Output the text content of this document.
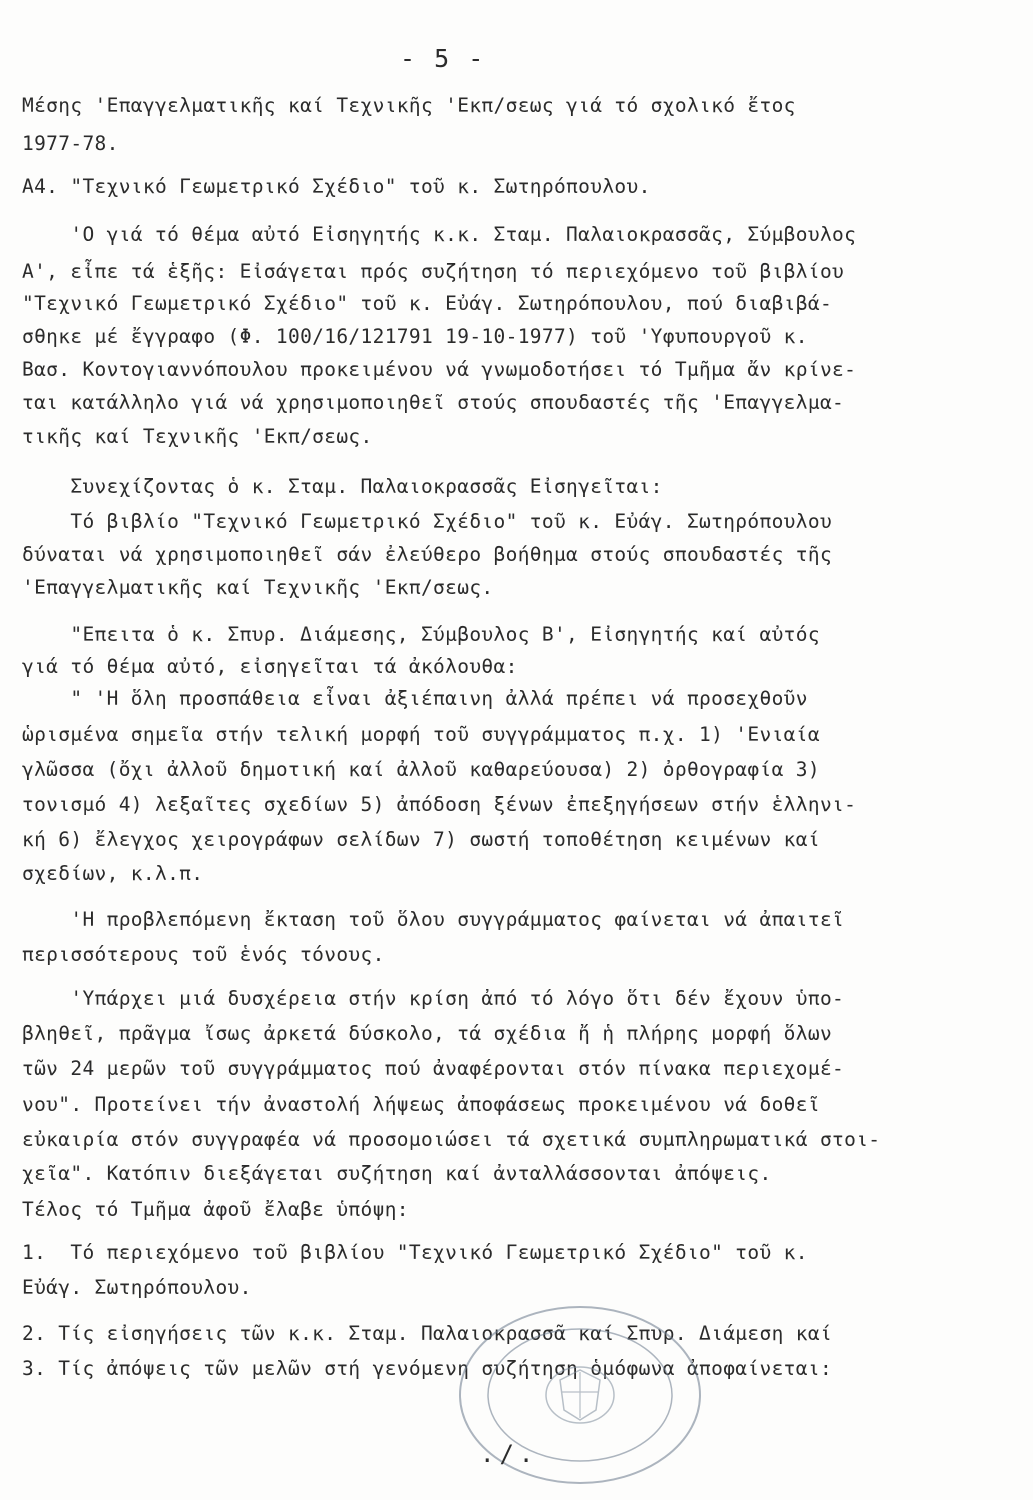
- 5 -

Μέσης 'Επαγγελματικῆς καί Τεχνικῆς 'Εκπ/σεως γιά τό σχολικό ἔτος

1977-78.

Α4. "Τεχνικό Γεωμετρικό Σχέδιο" τοῦ κ. Σωτηρόπουλου.

'Ο γιά τό θέμα αὐτό Εἰσηγητής κ.κ. Σταμ. Παλαιοκρασσᾶς, Σύμβουλος

Α', εἶπε τά ἑξῆς: Εἰσάγεται πρός συζήτηση τό περιεχόμενο τοῦ βιβλίου

"Τεχνικό Γεωμετρικό Σχέδιο" τοῦ κ. Εὐάγ. Σωτηρόπουλου, πού διαβιβά-

σθηκε μέ ἔγγραφο (Φ. 100/16/121791 19-10-1977) τοῦ 'Υφυπουργοῦ κ.

Βασ. Κοντογιαννόπουλου προκειμένου νά γνωμοδοτήσει τό Τμῆμα ἄν κρίνε-

ται κατάλληλο γιά νά χρησιμοποιηθεῖ στούς σπουδαστές τῆς 'Επαγγελμα-

τικῆς καί Τεχνικῆς 'Εκπ/σεως.

Συνεχίζοντας ὁ κ. Σταμ. Παλαιοκρασσᾶς Εἰσηγεῖται:

Τό βιβλίο "Τεχνικό Γεωμετρικό Σχέδιο" τοῦ κ. Εὐάγ. Σωτηρόπουλου

δύναται νά χρησιμοποιηθεῖ σάν ἐλεύθερο βοήθημα στούς σπουδαστές τῆς

'Επαγγελματικῆς καί Τεχνικῆς 'Εκπ/σεως.

"Επειτα ὁ κ. Σπυρ. Διάμεσης, Σύμβουλος Β', Εἰσηγητής καί αὐτός

γιά τό θέμα αὐτό, εἰσηγεῖται τά ἀκόλουθα:

" 'Η ὅλη προσπάθεια εἶναι ἀξιέπαινη ἀλλά πρέπει νά προσεχθοῦν

ὡρισμένα σημεῖα στήν τελική μορφή τοῦ συγγράμματος π.χ. 1) 'Ενιαία

γλῶσσα (ὄχι ἀλλοῦ δημοτική καί ἀλλοῦ καθαρεύουσα) 2) ὀρθογραφία 3)

τονισμό 4) λεξαῖτες σχεδίων 5) ἀπόδοση ξένων ἐπεξηγήσεων στήν ἑλληνι-

κή 6) ἔλεγχος χειρογράφων σελίδων 7) σωστή τοποθέτηση κειμένων καί

σχεδίων, κ.λ.π.

'Η προβλεπόμενη ἔκταση τοῦ ὅλου συγγράμματος φαίνεται νά ἀπαιτεῖ

περισσότερους τοῦ ἑνός τόνους.

'Υπάρχει μιά δυσχέρεια στήν κρίση ἀπό τό λόγο ὅτι δέν ἔχουν ὑπο-

βληθεῖ, πρᾶγμα ἴσως ἀρκετά δύσκολο, τά σχέδια ἤ ἡ πλήρης μορφή ὅλων

τῶν 24 μερῶν τοῦ συγγράμματος πού ἀναφέρονται στόν πίνακα περιεχομέ-

νου". Προτείνει τήν ἀναστολή λήψεως ἀποφάσεως προκειμένου νά δοθεῖ

εὐκαιρία στόν συγγραφέα νά προσομοιώσει τά σχετικά συμπληρωματικά στοι-

χεῖα". Κατόπιν διεξάγεται συζήτηση καί ἀνταλλάσσονται ἀπόψεις.

Τέλος τό Τμῆμα ἀφοῦ ἔλαβε ὑπόψη:

1.  Τό περιεχόμενο τοῦ βιβλίου "Τεχνικό Γεωμετρικό Σχέδιο" τοῦ κ.

Εὐάγ. Σωτηρόπουλου.

2. Τίς εἰσηγήσεις τῶν κ.κ. Σταμ. Παλαιοκρασσᾶ καί Σπυρ. Διάμεση καί

3. Τίς ἀπόψεις τῶν μελῶν στή γενόμενη συζήτηση ὁμόφωνα ἀποφαίνεται:

./.
